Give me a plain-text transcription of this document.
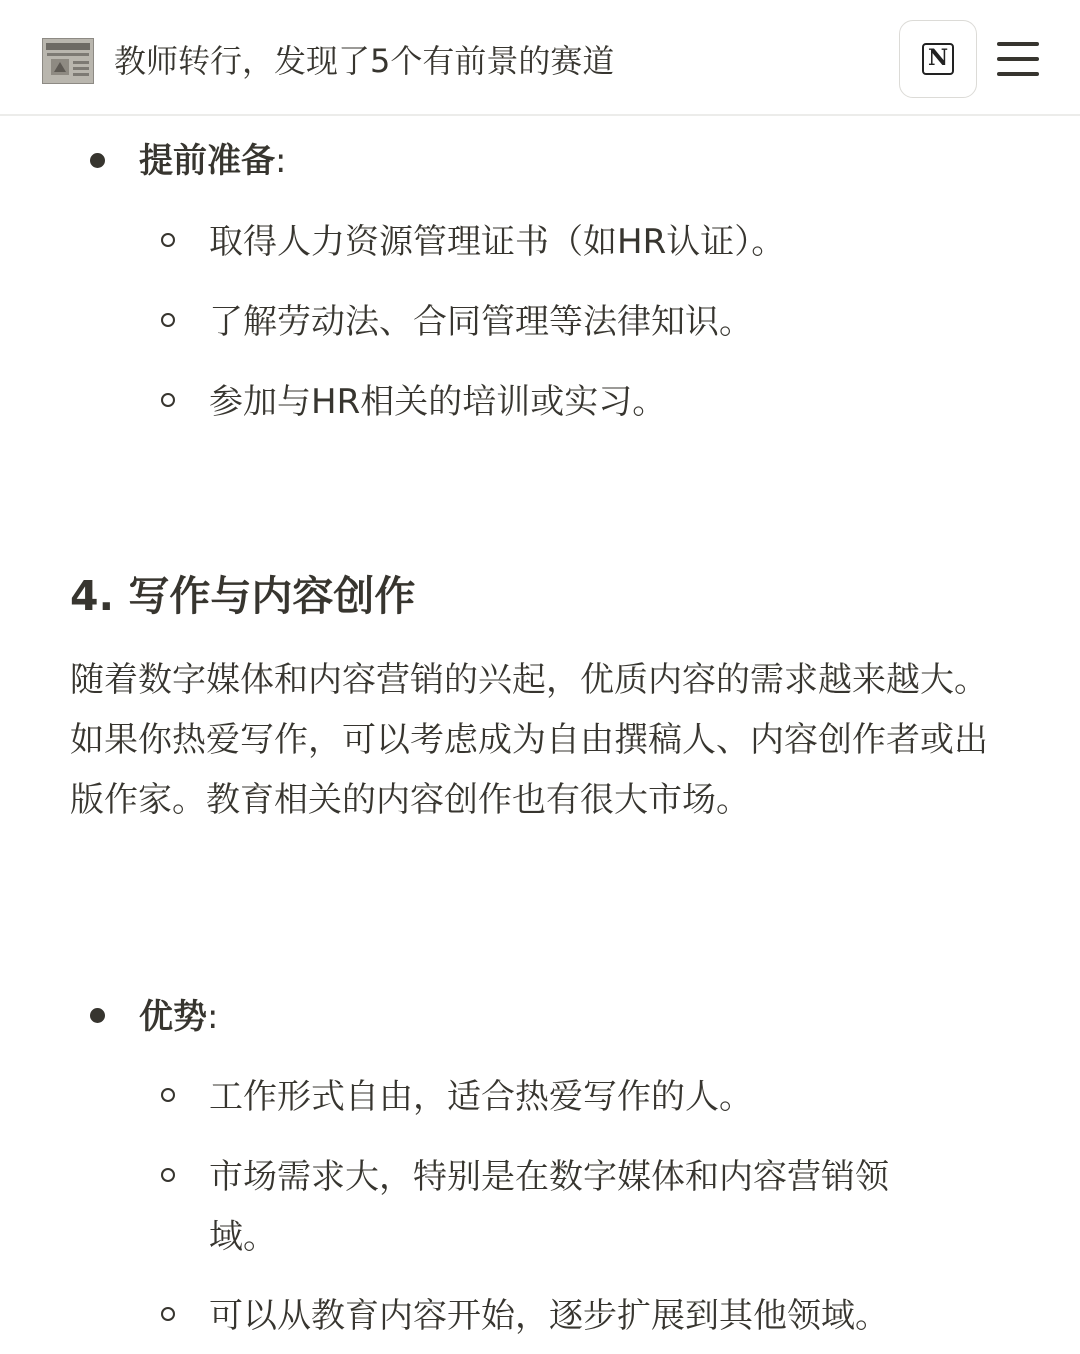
教师转行，发现了5个有前景的赛道	N
提前准备:
取得人力资源管理证书（如HR认证）。
了解劳动法、合同管理等法律知识。
参加与HR相关的培训或实习。
4. 写作与内容创作
随着数字媒体和内容营销的兴起，优质内容的需求越来越大。如果你热爱写作，可以考虑成为自由撰稿人、内容创作者或出版作家。教育相关的内容创作也有很大市场。
优势:
工作形式自由，适合热爱写作的人。
市场需求大，特别是在数字媒体和内容营销领
域。
可以从教育内容开始，逐步扩展到其他领域。
